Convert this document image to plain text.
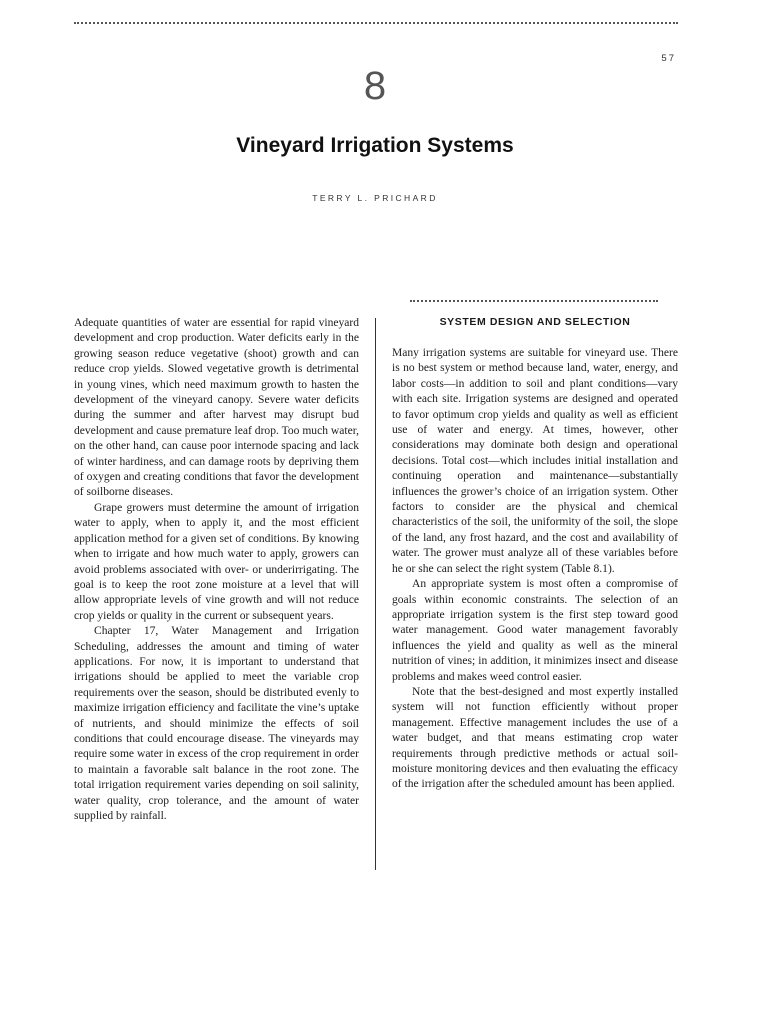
57
8
Vineyard Irrigation Systems
TERRY L. PRICHARD

Adequate quantities of water are essential for rapid vineyard development and crop production. Water deficits early in the growing season reduce vegetative (shoot) growth and can reduce crop yields. Slowed vegetative growth is detrimental in young vines, which need maximum growth to hasten the development of the vineyard canopy. Severe water deficits during the summer and after harvest may disrupt bud development and cause premature leaf drop. Too much water, on the other hand, can cause poor internode spacing and lack of winter hardiness, and can damage roots by depriving them of oxygen and creating conditions that favor the development of soilborne diseases.

Grape growers must determine the amount of irrigation water to apply, when to apply it, and the most efficient application method for a given set of conditions. By knowing when to irrigate and how much water to apply, growers can avoid problems associated with over- or underirrigating. The goal is to keep the root zone moisture at a level that will allow appropriate levels of vine growth and will not reduce crop yields or quality in the current or subsequent years.

Chapter 17, Water Management and Irrigation Scheduling, addresses the amount and timing of water applications. For now, it is important to understand that irrigations should be applied to meet the variable crop requirements over the season, should be distributed evenly to maximize irrigation efficiency and facilitate the vine’s uptake of nutrients, and should minimize the effects of soil conditions that could encourage disease. The vineyards may require some water in excess of the crop requirement in order to maintain a favorable salt balance in the root zone. The total irrigation requirement varies depending on soil salinity, water quality, crop tolerance, and the amount of water supplied by rainfall.

SYSTEM DESIGN AND SELECTION

Many irrigation systems are suitable for vineyard use. There is no best system or method because land, water, energy, and labor costs—in addition to soil and plant conditions—vary with each site. Irrigation systems are designed and operated to favor optimum crop yields and quality as well as efficient use of water and energy. At times, however, other considerations may dominate both design and operational decisions. Total cost—which includes initial installation and continuing operation and maintenance—substantially influences the grower’s choice of an irrigation system. Other factors to consider are the physical and chemical characteristics of the soil, the uniformity of the soil, the slope of the land, any frost hazard, and the cost and availability of water. The grower must analyze all of these variables before he or she can select the right system (Table 8.1).

An appropriate system is most often a compromise of goals within economic constraints. The selection of an appropriate irrigation system is the first step toward good water management. Good water management favorably influences the yield and quality as well as the mineral nutrition of vines; in addition, it minimizes insect and disease problems and makes weed control easier.

Note that the best-designed and most expertly installed system will not function efficiently without proper management. Effective management includes the use of a water budget, and that means estimating crop water requirements through predictive methods or actual soil-moisture monitoring devices and then evaluating the efficacy of the irrigation after the scheduled amount has been applied.
